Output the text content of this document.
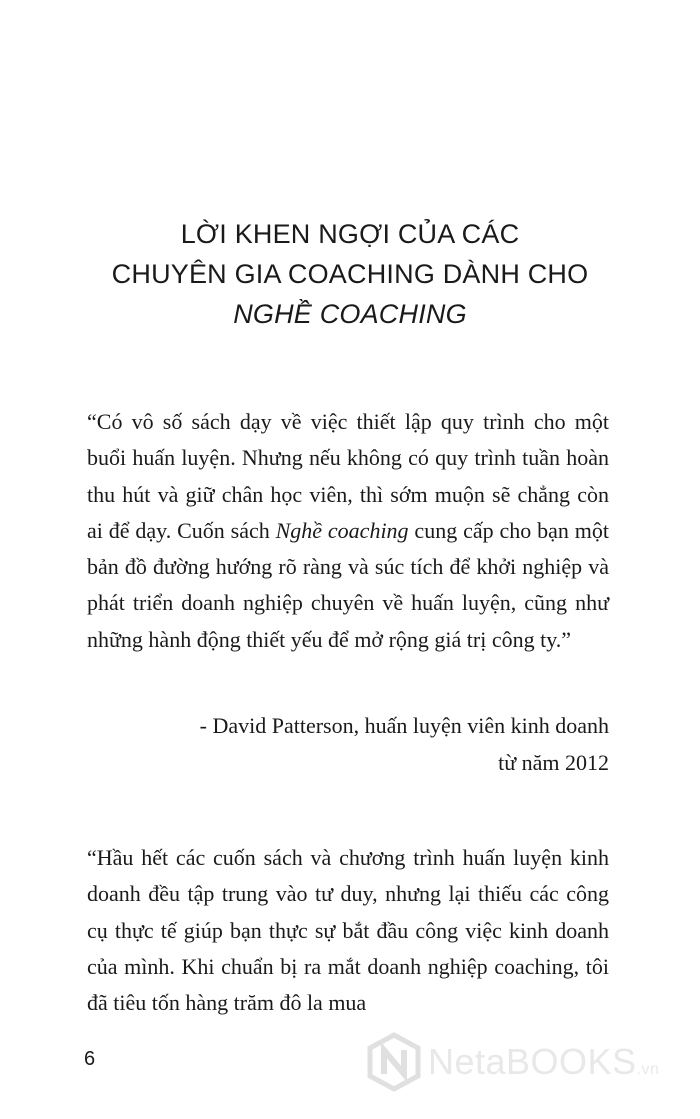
LỜI KHEN NGỢI CỦA CÁC
CHUYÊN GIA COACHING DÀNH CHO
NGHỀ COACHING
“Có vô số sách dạy về việc thiết lập quy trình cho một buổi huấn luyện. Nhưng nếu không có quy trình tuần hoàn thu hút và giữ chân học viên, thì sớm muộn sẽ chẳng còn ai để dạy. Cuốn sách Nghề coaching cung cấp cho bạn một bản đồ đường hướng rõ ràng và súc tích để khởi nghiệp và phát triển doanh nghiệp chuyên về huấn luyện, cũng như những hành động thiết yếu để mở rộng giá trị công ty.”
- David Patterson, huấn luyện viên kinh doanh
từ năm 2012
“Hầu hết các cuốn sách và chương trình huấn luyện kinh doanh đều tập trung vào tư duy, nhưng lại thiếu các công cụ thực tế giúp bạn thực sự bắt đầu công việc kinh doanh của mình. Khi chuẩn bị ra mắt doanh nghiệp coaching, tôi đã tiêu tốn hàng trăm đô la mua
6	NetaBOOKS.vn
